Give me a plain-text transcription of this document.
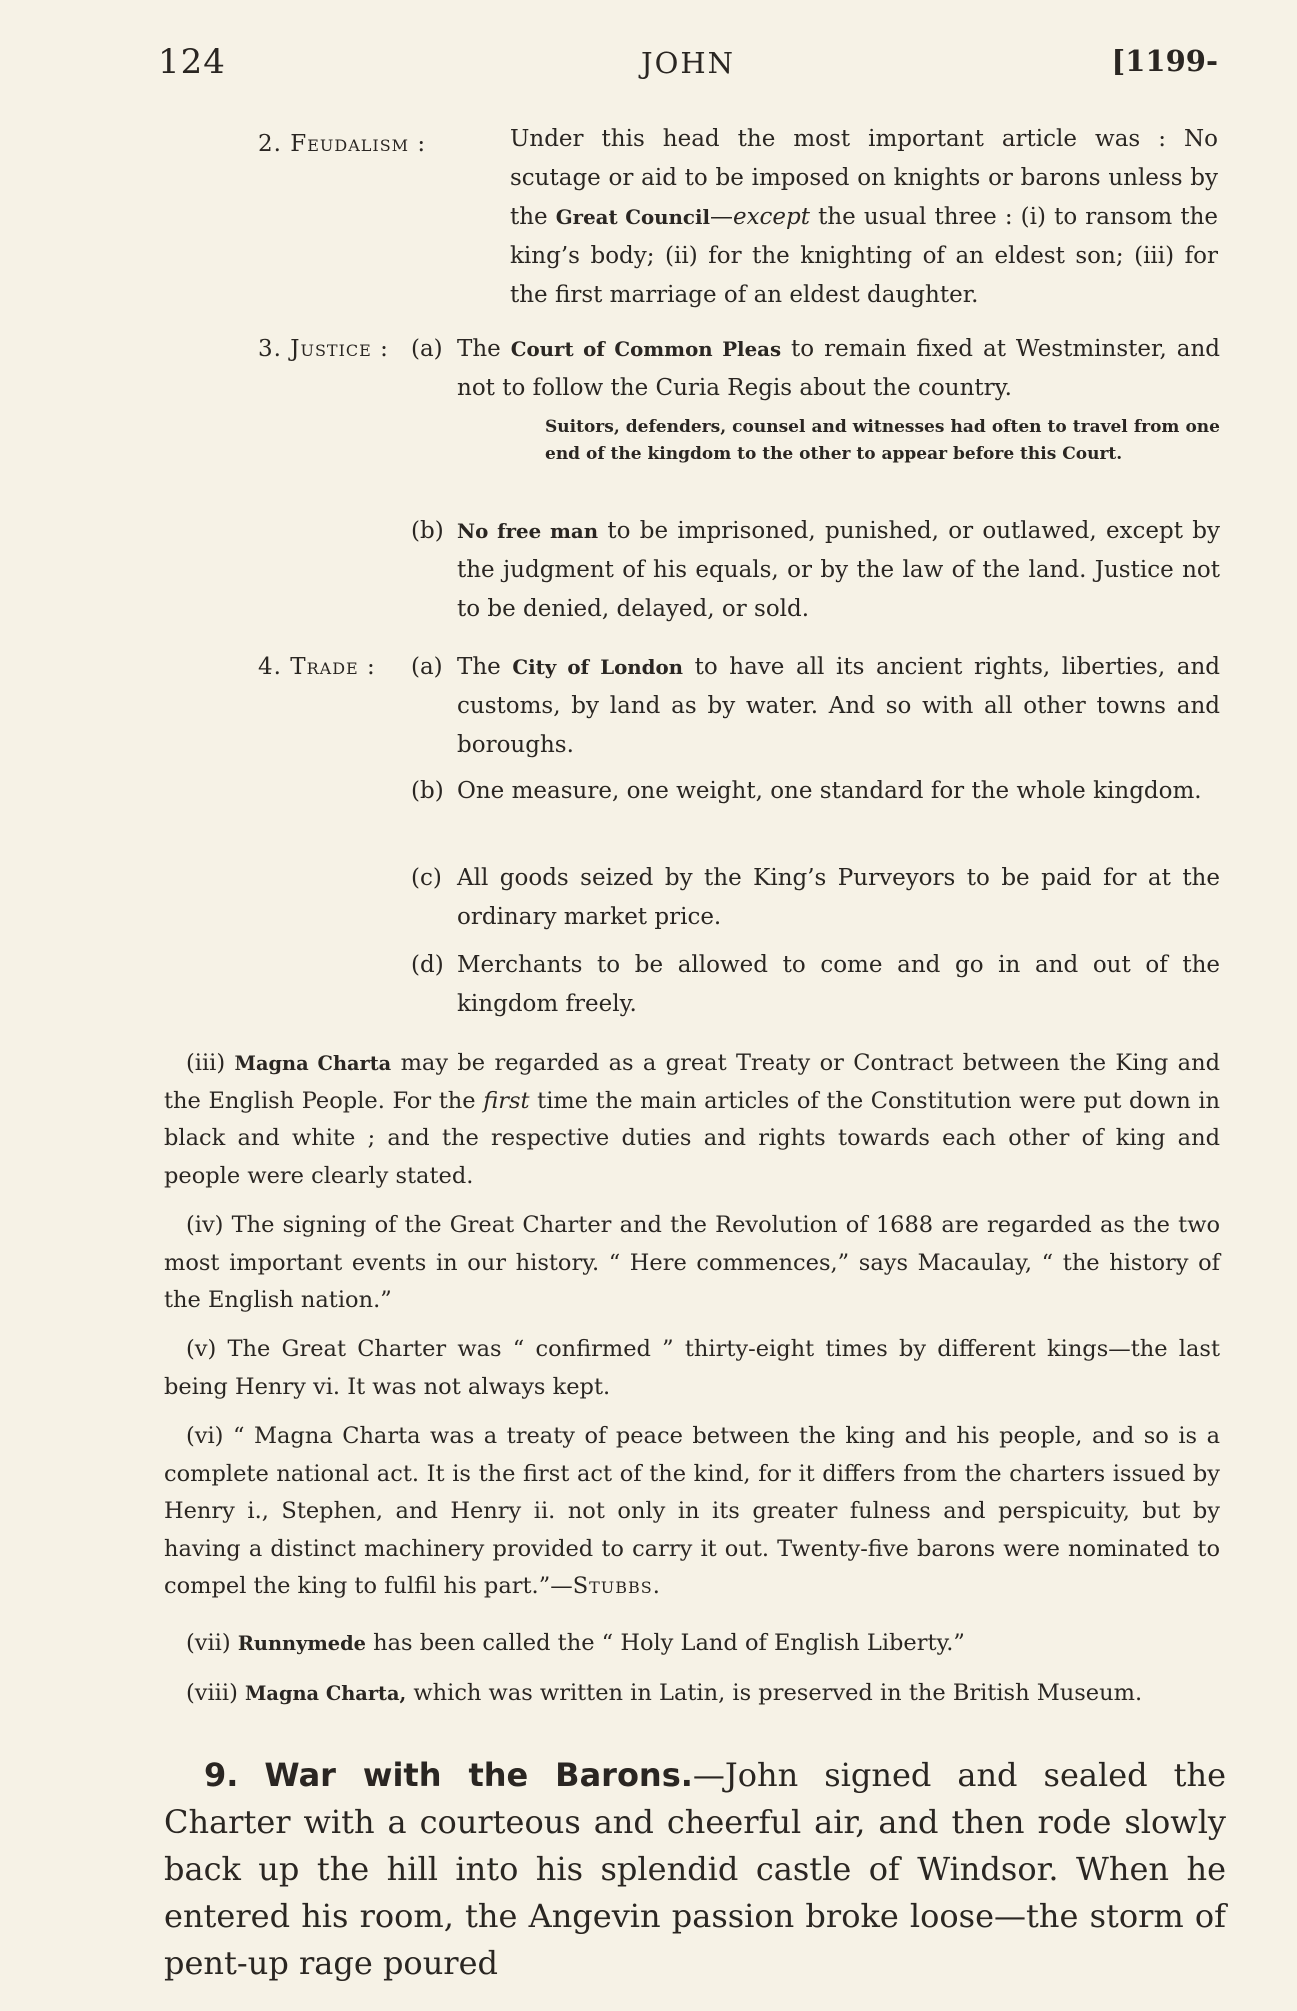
124	JOHN	[1199-
2. Feudalism :	Under this head the most important article was : No scutage or aid to be imposed on knights or barons unless by the Great Council—except the usual three : (i) to ransom the king’s body; (ii) for the knighting of an eldest son; (iii) for the first marriage of an eldest daughter.
3. Justice : (a) The Court of Common Pleas to remain fixed at Westminster, and not to follow the Curia Regis about the country.
Suitors, defenders, counsel and witnesses had often to travel from one end of the kingdom to the other to appear before this Court.
(b) No free man to be imprisoned, punished, or outlawed, except by the judgment of his equals, or by the law of the land. Justice not to be denied, delayed, or sold.
4. Trade : (a) The City of London to have all its ancient rights, liberties, and customs, by land as by water. And so with all other towns and boroughs.
(b) One measure, one weight, one standard for the whole kingdom.
(c) All goods seized by the King’s Purveyors to be paid for at the ordinary market price.
(d) Merchants to be allowed to come and go in and out of the kingdom freely.
(iii) Magna Charta may be regarded as a great Treaty or Contract between the King and the English People. For the first time the main articles of the Constitution were put down in black and white ; and the respective duties and rights towards each other of king and people were clearly stated.
(iv) The signing of the Great Charter and the Revolution of 1688 are regarded as the two most important events in our history. “ Here commences,” says Macaulay, “ the history of the English nation.”
(v) The Great Charter was “ confirmed ” thirty-eight times by different kings—the last being Henry vi. It was not always kept.
(vi) “ Magna Charta was a treaty of peace between the king and his people, and so is a complete national act. It is the first act of the kind, for it differs from the charters issued by Henry i., Stephen, and Henry ii. not only in its greater fulness and perspicuity, but by having a distinct machinery provided to carry it out. Twenty-five barons were nominated to compel the king to fulfil his part.”—Stubbs.
(vii) Runnymede has been called the “ Holy Land of English Liberty.”
(viii) Magna Charta, which was written in Latin, is preserved in the British Museum.
9. War with the Barons.—John signed and sealed the Charter with a courteous and cheerful air, and then rode slowly back up the hill into his splendid castle of Windsor. When he entered his room, the Angevin passion broke loose—the storm of pent-up rage poured
